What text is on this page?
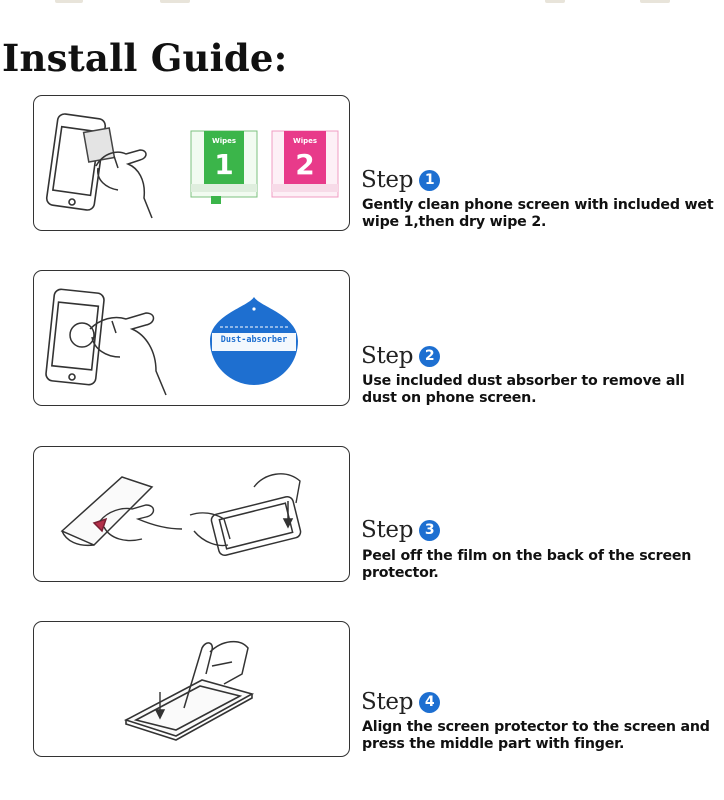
Install Guide:
Wipes
1
Wipes
2 Step 1
Gently clean phone screen with included wet wipe 1,then dry wipe 2.
Dust-absorber
Step 2
Use included dust absorber to remove all dust on phone screen.
Step 3
Peel off the film on the back of the screen protector.
Step 4
Align the screen protector to the screen and press the middle part with finger.
